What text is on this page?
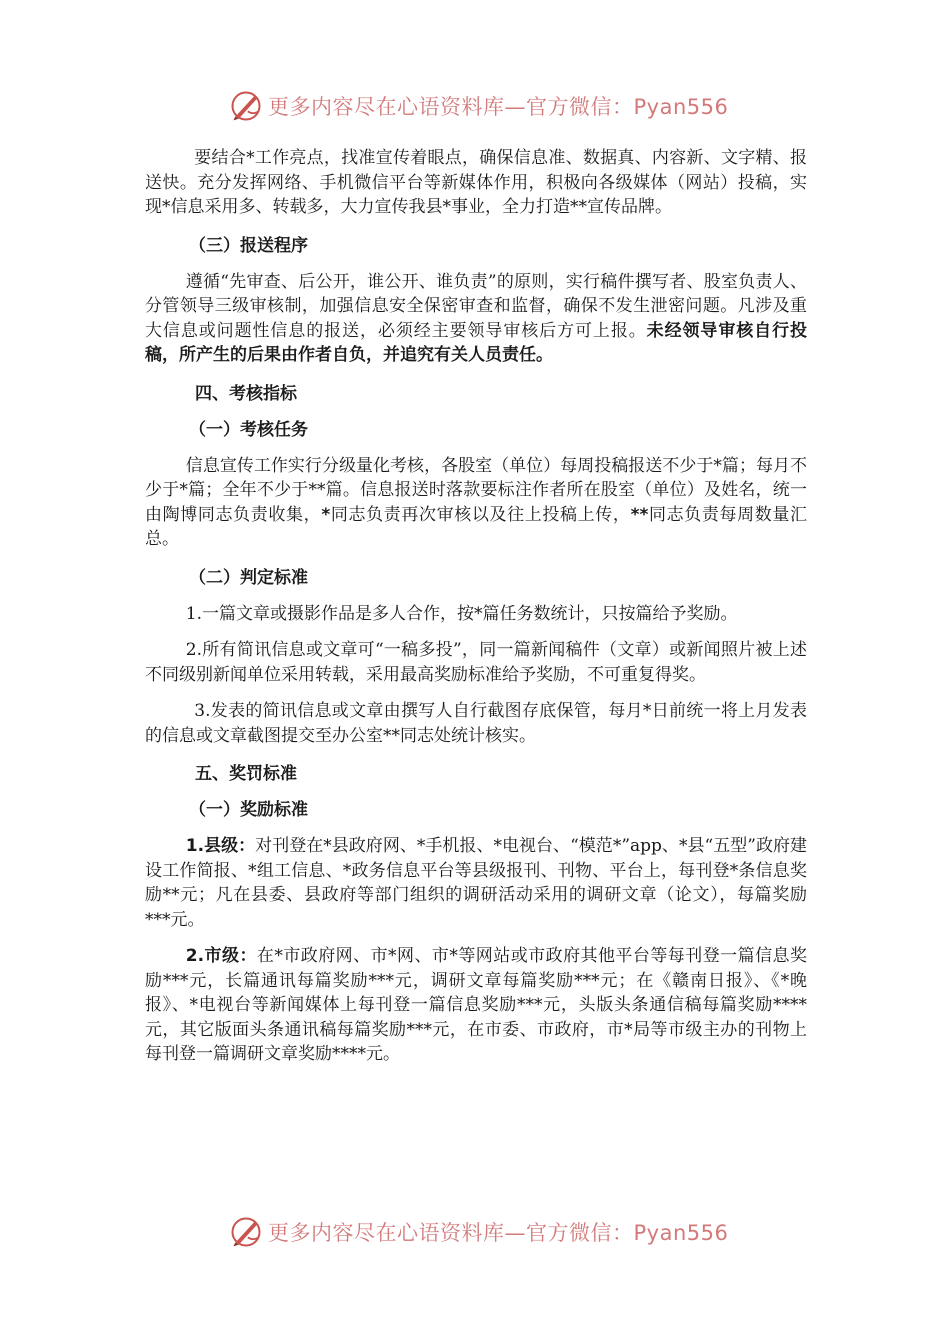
更多内容尽在心语资料库—官方微信：Pyan556

要结合*工作亮点，找准宣传着眼点，确保信息准、数据真、内容新、文字精、报送快。充分发挥网络、手机微信平台等新媒体作用，积极向各级媒体（网站）投稿，实现*信息采用多、转载多，大力宣传我县*事业，全力打造**宣传品牌。

（三）报送程序

遵循“先审查、后公开，谁公开、谁负责”的原则，实行稿件撰写者、股室负责人、分管领导三级审核制，加强信息安全保密审查和监督，确保不发生泄密问题。凡涉及重大信息或问题性信息的报送，必须经主要领导审核后方可上报。未经领导审核自行投稿，所产生的后果由作者自负，并追究有关人员责任。

四、考核指标

（一）考核任务

信息宣传工作实行分级量化考核，各股室（单位）每周投稿报送不少于*篇；每月不少于*篇；全年不少于**篇。信息报送时落款要标注作者所在股室（单位）及姓名，统一由陶博同志负责收集，*同志负责再次审核以及往上投稿上传，**同志负责每周数量汇总。

（二）判定标准

1.一篇文章或摄影作品是多人合作，按*篇任务数统计，只按篇给予奖励。

2.所有简讯信息或文章可“一稿多投”，同一篇新闻稿件（文章）或新闻照片被上述不同级别新闻单位采用转载，采用最高奖励标准给予奖励，不可重复得奖。

3.发表的简讯信息或文章由撰写人自行截图存底保管，每月*日前统一将上月发表的信息或文章截图提交至办公室**同志处统计核实。

五、奖罚标准

（一）奖励标准

1.县级：对刊登在*县政府网、*手机报、*电视台、“模范*”app、*县“五型”政府建设工作简报、*组工信息、*政务信息平台等县级报刊、刊物、平台上，每刊登*条信息奖励**元；凡在县委、县政府等部门组织的调研活动采用的调研文章（论文），每篇奖励***元。

2.市级：在*市政府网、市*网、市*等网站或市政府其他平台等每刊登一篇信息奖励***元，长篇通讯每篇奖励***元，调研文章每篇奖励***元；在《赣南日报》、《*晚报》、*电视台等新闻媒体上每刊登一篇信息奖励***元，头版头条通信稿每篇奖励****元，其它版面头条通讯稿每篇奖励***元，在市委、市政府，市*局等市级主办的刊物上每刊登一篇调研文章奖励****元。

更多内容尽在心语资料库—官方微信：Pyan556
